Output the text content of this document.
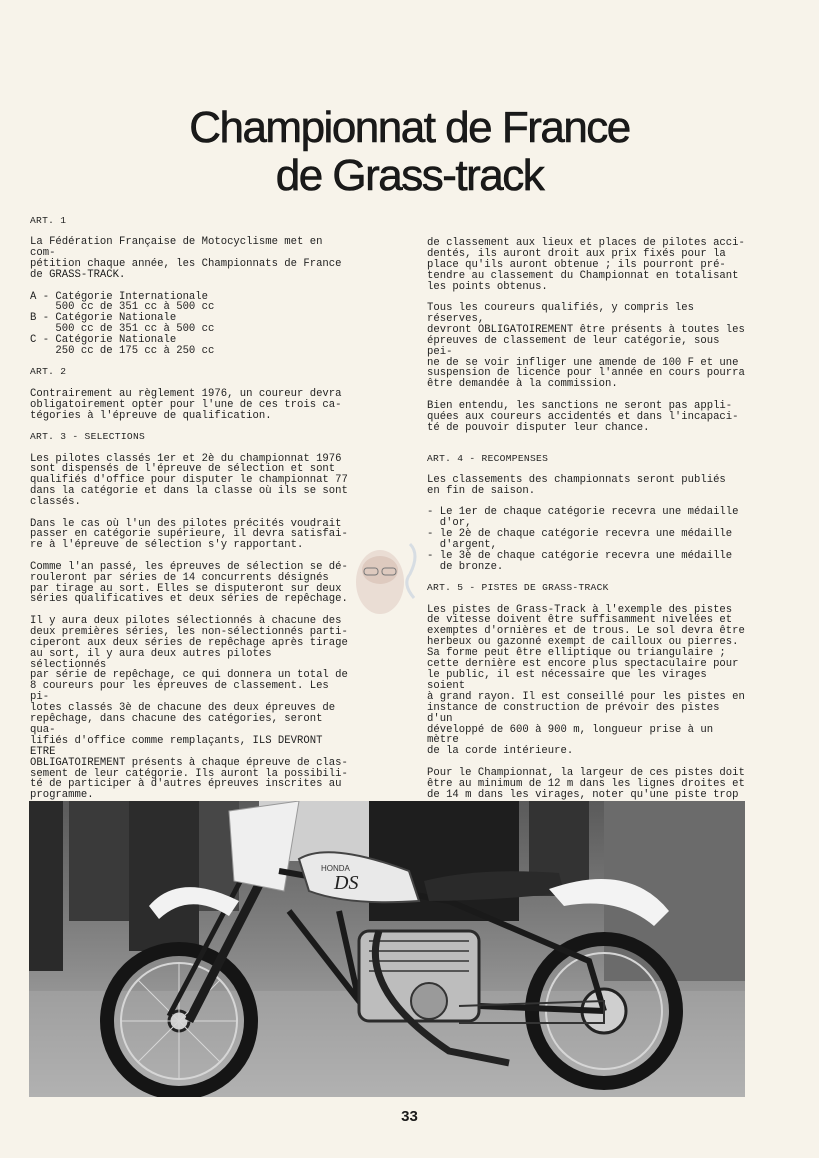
Championnat de France
de Grass-track
ART. 1

La Fédération Française de Motocyclisme met en com-
pétition chaque année, les Championnats de France
de GRASS-TRACK.

A - Catégorie Internationale
500 cc de 351 cc à 500 cc
B - Catégorie Nationale
500 cc de 351 cc à 500 cc
C - Catégorie Nationale
250 cc de 175 cc à 250 cc
ART. 2

Contrairement au règlement 1976, un coureur devra
obligatoirement opter pour l'une de ces trois ca-
tégories à l'épreuve de qualification.

ART. 3 - SELECTIONS

Les pilotes classés 1er et 2è du championnat 1976
sont dispensés de l'épreuve de sélection et sont
qualifiés d'office pour disputer le championnat 77
dans la catégorie et dans la classe où ils se sont
classés.

Dans le cas où l'un des pilotes précités voudrait
passer en catégorie supérieure, il devra satisfai-
re à l'épreuve de sélection s'y rapportant.

Comme l'an passé, les épreuves de sélection se dé-
rouleront par séries de 14 concurrents désignés
par tirage au sort. Elles se disputeront sur deux
séries qualificatives et deux séries de repêchage.

Il y aura deux pilotes sélectionnés à chacune des
deux premières séries, les non-sélectionnés parti-
ciperont aux deux séries de repêchage après tirage
au sort, il y aura deux autres pilotes sélectionnés
par série de repêchage, ce qui donnera un total de
8 coureurs pour les épreuves de classement. Les pi-
lotes classés 3è de chacune des deux épreuves de
repêchage, dans chacune des catégories, seront qua-
lifiés d'office comme remplaçants, ILS DEVRONT ETRE
OBLIGATOIREMENT présents à chaque épreuve de clas-
sement de leur catégorie. Ils auront la possibili-
té de participer à d'autres épreuves inscrites au
programme.

de classement aux lieux et places de pilotes acci-
dentés, ils auront droit aux prix fixés pour la
place qu'ils auront obtenue ; ils pourront pré-
tendre au classement du Championnat en totalisant
les points obtenus.

Tous les coureurs qualifiés, y compris les réserves,
devront OBLIGATOIREMENT être présents à toutes les
épreuves de classement de leur catégorie, sous pei-
ne de se voir infliger une amende de 100 F et une
suspension de licence pour l'année en cours pourra
être demandée à la commission.

Bien entendu, les sanctions ne seront pas appli-
quées aux coureurs accidentés et dans l'incapaci-
té de pouvoir disputer leur chance.

ART. 4 - RECOMPENSES

Les classements des championnats seront publiés
en fin de saison.

- Le 1er de chaque catégorie recevra une médaille
d'or,
- le 2è de chaque catégorie recevra une médaille
d'argent,
- le 3è de chaque catégorie recevra une médaille
de bronze.
ART. 5 - PISTES DE GRASS-TRACK

Les pistes de Grass-Track à l'exemple des pistes
de vitesse doivent être suffisamment nivelées et
exemptes d'ornières et de trous. Le sol devra être
herbeux ou gazonné exempt de cailloux ou pierres.
Sa forme peut être elliptique ou triangulaire ;
cette dernière est encore plus spectaculaire pour
le public, il est nécessaire que les virages soient
à grand rayon. Il est conseillé pour les pistes en
instance de construction de prévoir des pistes d'un
développé de 600 à 900 m, longueur prise à un mètre
de la corde intérieure.

Pour le Championnat, la largeur de ces pistes doit
être au minimum de 12 m dans les lignes droites et
de 14 m dans les virages, noter qu'une piste trop

DS
HONDA
33
